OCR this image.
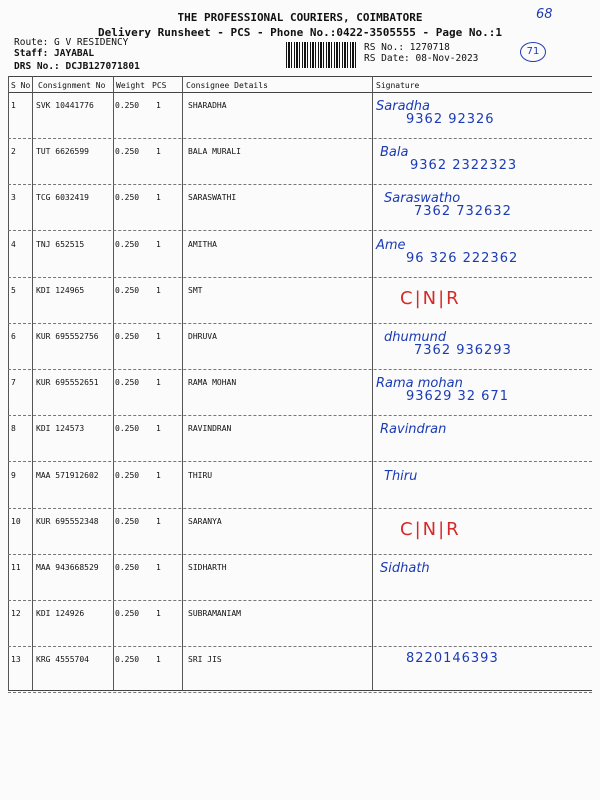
THE PROFESSIONAL COURIERS, COIMBATORE
Delivery Runsheet - PCS - Phone No.:0422-3505555 - Page No.:1
68
71
Route: G V RESIDENCY
Staff: JAYABAL
DRS No.: DCJB127071801
RS No.: 1270718
RS Date: 08-Nov-2023
S No Consignment No Weight PCS Consignee Details	Signature
1	SVK 10441776	0.250 1	SHARADHA	Saradha
9362 92326
2	TUT 6626599	0.250 1	BALA MURALI	Bala
9362 2322323
3	TCG 6032419	0.250 1	SARASWATHI	Saraswatho
7362 732632
4	TNJ 652515	0.250 1	AMITHA	Ame
96 326 222362
5	KDI 124965	0.250 1	SMT	C|N|R
6	KUR 695552756 0.250 1	DHRUVA	dhumund
7362 936293
7	KUR 695552651 0.250 1	RAMA MOHAN	Rama mohan
93629 32 671
8	KDI 124573	0.250 1	RAVINDRAN	Ravindran
9	MAA 571912602 0.250 1	THIRU	Thiru
10 KUR 695552348 0.250 1	SARANYA	C|N|R
11 MAA 943668529 0.250 1	SIDHARTH	Sidhath
12 KDI 124926	0.250 1	SUBRAMANIAM
13 KRG 4555704	0.250 1	SRI JIS	8220146393
